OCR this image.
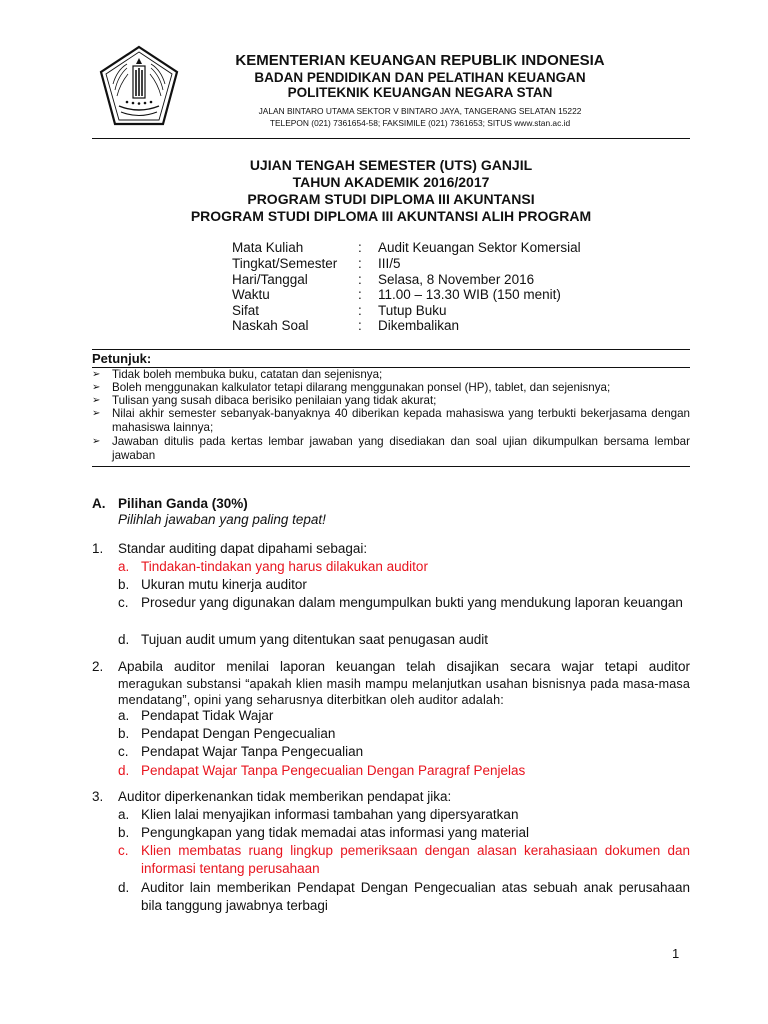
KEMENTERIAN KEUANGAN REPUBLIK INDONESIA
BADAN PENDIDIKAN DAN PELATIHAN KEUANGAN
POLITEKNIK KEUANGAN NEGARA STAN
JALAN BINTARO UTAMA SEKTOR V BINTARO JAYA, TANGERANG SELATAN 15222
TELEPON (021) 7361654-58; FAKSIMILE (021) 7361653; SITUS www.stan.ac.id
UJIAN TENGAH SEMESTER (UTS) GANJIL
TAHUN AKADEMIK 2016/2017
PROGRAM STUDI DIPLOMA III AKUNTANSI
PROGRAM STUDI DIPLOMA III AKUNTANSI ALIH PROGRAM
Mata Kuliah	:	Audit Keuangan Sektor Komersial
Tingkat/Semester	:	III/5
Hari/Tanggal	:	Selasa, 8 November 2016
Waktu	:	11.00 – 13.30 WIB (150 menit)
Sifat	:	Tutup Buku
Naskah Soal	:	Dikembalikan
Petunjuk:
➢	Tidak boleh membuka buku, catatan dan sejenisnya;
➢	Boleh menggunakan kalkulator tetapi dilarang menggunakan ponsel (HP), tablet, dan sejenisnya;
➢	Tulisan yang susah dibaca berisiko penilaian yang tidak akurat;
➢	Nilai akhir semester sebanyak-banyaknya 40 diberikan kepada mahasiswa yang terbukti bekerjasama dengan mahasiswa lainnya;
➢	Jawaban ditulis pada kertas lembar jawaban yang disediakan dan soal ujian dikumpulkan bersama lembar jawaban
A. Pilihan Ganda (30%)
Pilihlah jawaban yang paling tepat!
1. Standar auditing dapat dipahami sebagai:
a. Tindakan-tindakan yang harus dilakukan auditor
b. Ukuran mutu kinerja auditor
c. Prosedur yang digunakan dalam mengumpulkan bukti yang mendukung laporan keuangan
d. Tujuan audit umum yang ditentukan saat penugasan audit
2. Apabila auditor menilai laporan keuangan telah disajikan secara wajar tetapi auditor
meragukan substansi “apakah klien masih mampu melanjutkan usahan bisnisnya pada masa-masa mendatang”, opini yang seharusnya diterbitkan oleh auditor adalah:
a. Pendapat Tidak Wajar
b. Pendapat Dengan Pengecualian
c. Pendapat Wajar Tanpa Pengecualian
d. Pendapat Wajar Tanpa Pengecualian Dengan Paragraf Penjelas
3. Auditor diperkenankan tidak memberikan pendapat jika:
a. Klien lalai menyajikan informasi tambahan yang dipersyaratkan
b. Pengungkapan yang tidak memadai atas informasi yang material
c. Klien membatas ruang lingkup pemeriksaan dengan alasan kerahasiaan dokumen dan informasi tentang perusahaan
d. Auditor lain memberikan Pendapat Dengan Pengecualian atas sebuah anak perusahaan bila tanggung jawabnya terbagi
1
